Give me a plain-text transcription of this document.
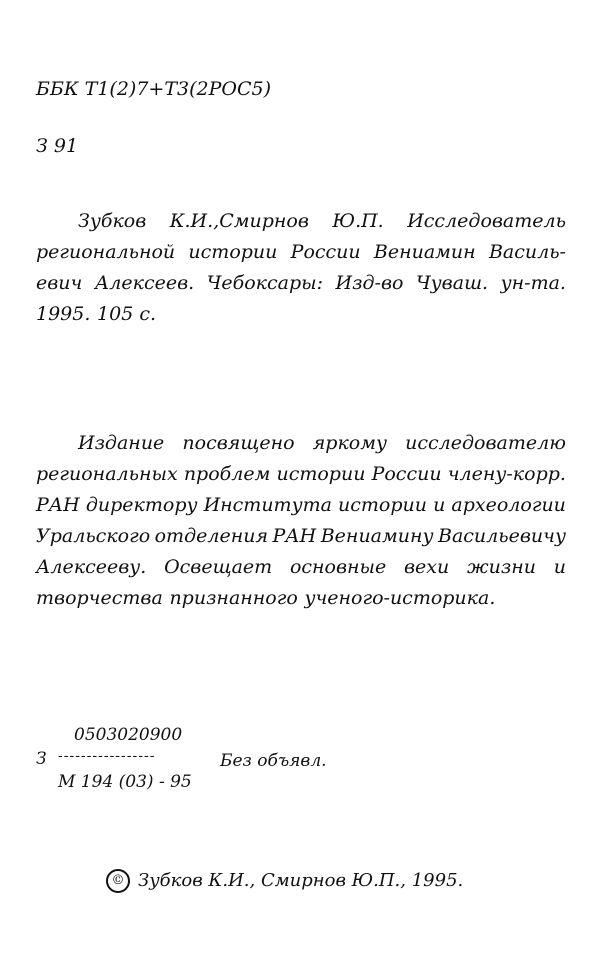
ББК Т1(2)7+Т3(2РОС5)
З 91
Зубков К.И.,Смирнов Ю.П. Исследователь
региональной истории России Вениамин Василь-
евич Алексеев. Чебоксары: Изд-во Чуваш. ун-та.
1995. 105 с.
Издание посвящено яркому исследователю
региональных проблем истории России члену-корр.
РАН директору Института истории и археологии
Уральского отделения РАН Вениамину Васильевичу
Алексееву. Освещает основные вехи жизни и
творчества признанного ученого-историка.
0503020900
З -----------------	Без объявл.
М 194 (03) - 95
© Зубков К.И., Смирнов Ю.П., 1995.
